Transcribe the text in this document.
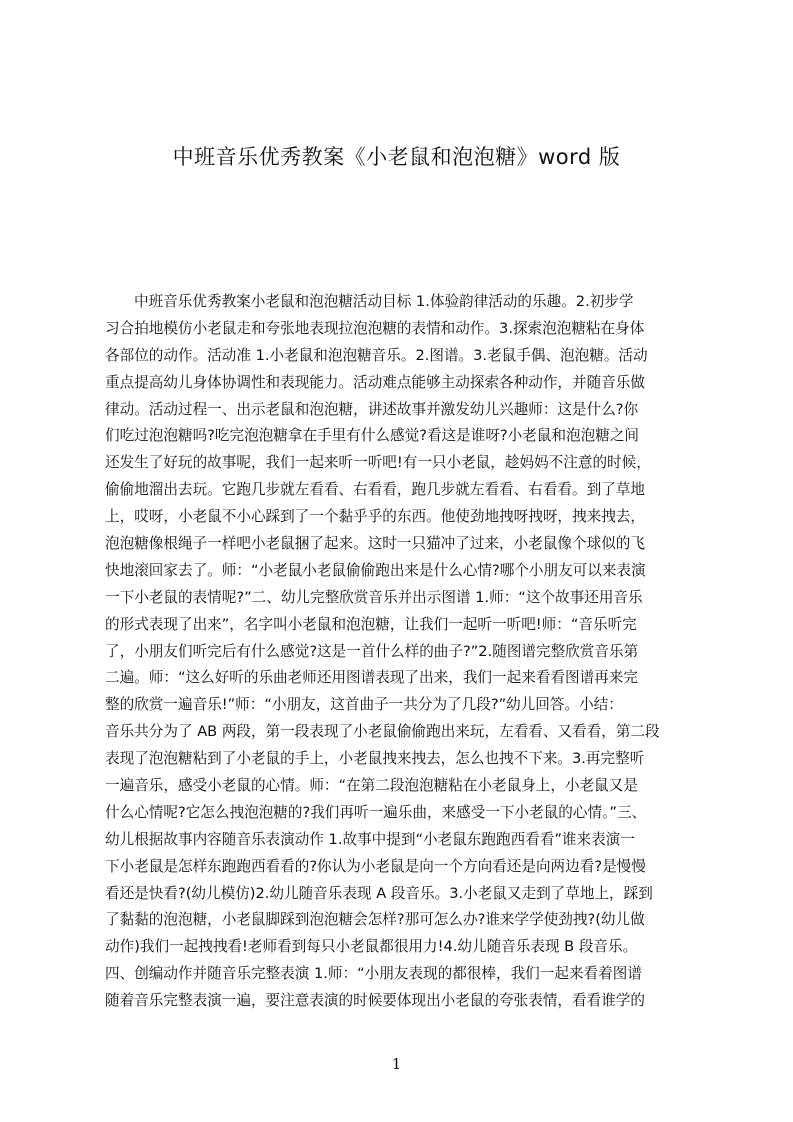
中班音乐优秀教案《小老鼠和泡泡糖》word 版
中班音乐优秀教案小老鼠和泡泡糖活动目标 1.体验韵律活动的乐趣。2.初步学
习合拍地模仿小老鼠走和夸张地表现拉泡泡糖的表情和动作。3.探索泡泡糖粘在身体
各部位的动作。活动准 1.小老鼠和泡泡糖音乐。2.图谱。3.老鼠手偶、泡泡糖。活动
重点提高幼儿身体协调性和表现能力。活动难点能够主动探索各种动作，并随音乐做
律动。活动过程一、出示老鼠和泡泡糖，讲述故事并激发幼儿兴趣师：这是什么?你
们吃过泡泡糖吗?吃完泡泡糖拿在手里有什么感觉?看这是谁呀?小老鼠和泡泡糖之间
还发生了好玩的故事呢，我们一起来听一听吧!有一只小老鼠，趁妈妈不注意的时候，
偷偷地溜出去玩。它跑几步就左看看、右看看，跑几步就左看看、右看看。到了草地
上，哎呀，小老鼠不小心踩到了一个黏乎乎的东西。他使劲地拽呀拽呀，拽来拽去，
泡泡糖像根绳子一样吧小老鼠捆了起来。这时一只猫冲了过来，小老鼠像个球似的飞
快地滚回家去了。师：“小老鼠小老鼠偷偷跑出来是什么心情?哪个小朋友可以来表演
一下小老鼠的表情呢?”二、幼儿完整欣赏音乐并出示图谱 1.师：“这个故事还用音乐
的形式表现了出来”，名字叫小老鼠和泡泡糖，让我们一起听一听吧!师：“音乐听完
了，小朋友们听完后有什么感觉?这是一首什么样的曲子?”2.随图谱完整欣赏音乐第
二遍。师：“这么好听的乐曲老师还用图谱表现了出来，我们一起来看看图谱再来完
整的欣赏一遍音乐!”师：“小朋友，这首曲子一共分为了几段?”幼儿回答。小结：
音乐共分为了 AB 两段，第一段表现了小老鼠偷偷跑出来玩，左看看、又看看，第二段
表现了泡泡糖粘到了小老鼠的手上，小老鼠拽来拽去，怎么也拽不下来。3.再完整听
一遍音乐，感受小老鼠的心情。师：“在第二段泡泡糖粘在小老鼠身上，小老鼠又是
什么心情呢?它怎么拽泡泡糖的?我们再听一遍乐曲，来感受一下小老鼠的心情。”三、
幼儿根据故事内容随音乐表演动作 1.故事中提到“小老鼠东跑跑西看看”谁来表演一
下小老鼠是怎样东跑跑西看看的?你认为小老鼠是向一个方向看还是向两边看?是慢慢
看还是快看?(幼儿模仿)2.幼儿随音乐表现 A 段音乐。3.小老鼠又走到了草地上，踩到
了黏黏的泡泡糖，小老鼠脚踩到泡泡糖会怎样?那可怎么办?谁来学学使劲拽?(幼儿做
动作)我们一起拽拽看!老师看到每只小老鼠都很用力!4.幼儿随音乐表现 B 段音乐。
四、创编动作并随音乐完整表演 1.师：“小朋友表现的都很棒，我们一起来看着图谱
随着音乐完整表演一遍，要注意表演的时候要体现出小老鼠的夸张表情，看看谁学的
1
